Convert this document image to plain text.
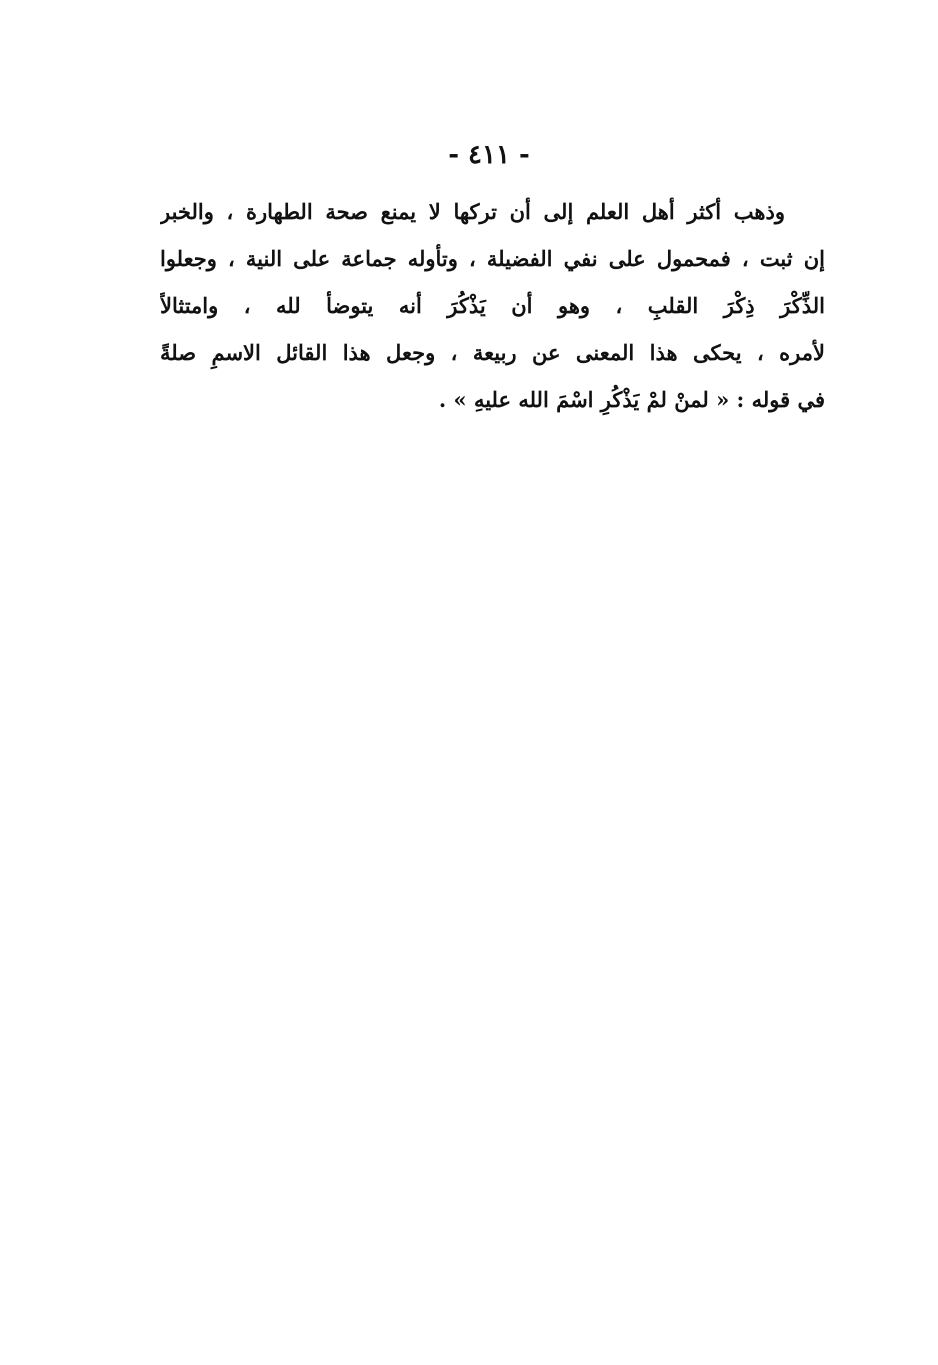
- ٤١١ -
وذهب أكثر أهل العلم إلى أن تركها لا يمنع صحة الطهارة ، والخبر
إن ثبت ، فمحمول على نفي الفضيلة ، وتأوله جماعة على النية ، وجعلوا
الذِّكْرَ ذِكْرَ القلبِ ، وهو أن يَذْكُرَ أنه يتوضأ لله ، وامتثالاً
لأمره ، يحكى هذا المعنى عن ربيعة ، وجعل هذا القائل الاسمِ صلةً
في قوله : « لمنْ لمْ يَذْكُرِ اسْمَ الله عليهِ » .
